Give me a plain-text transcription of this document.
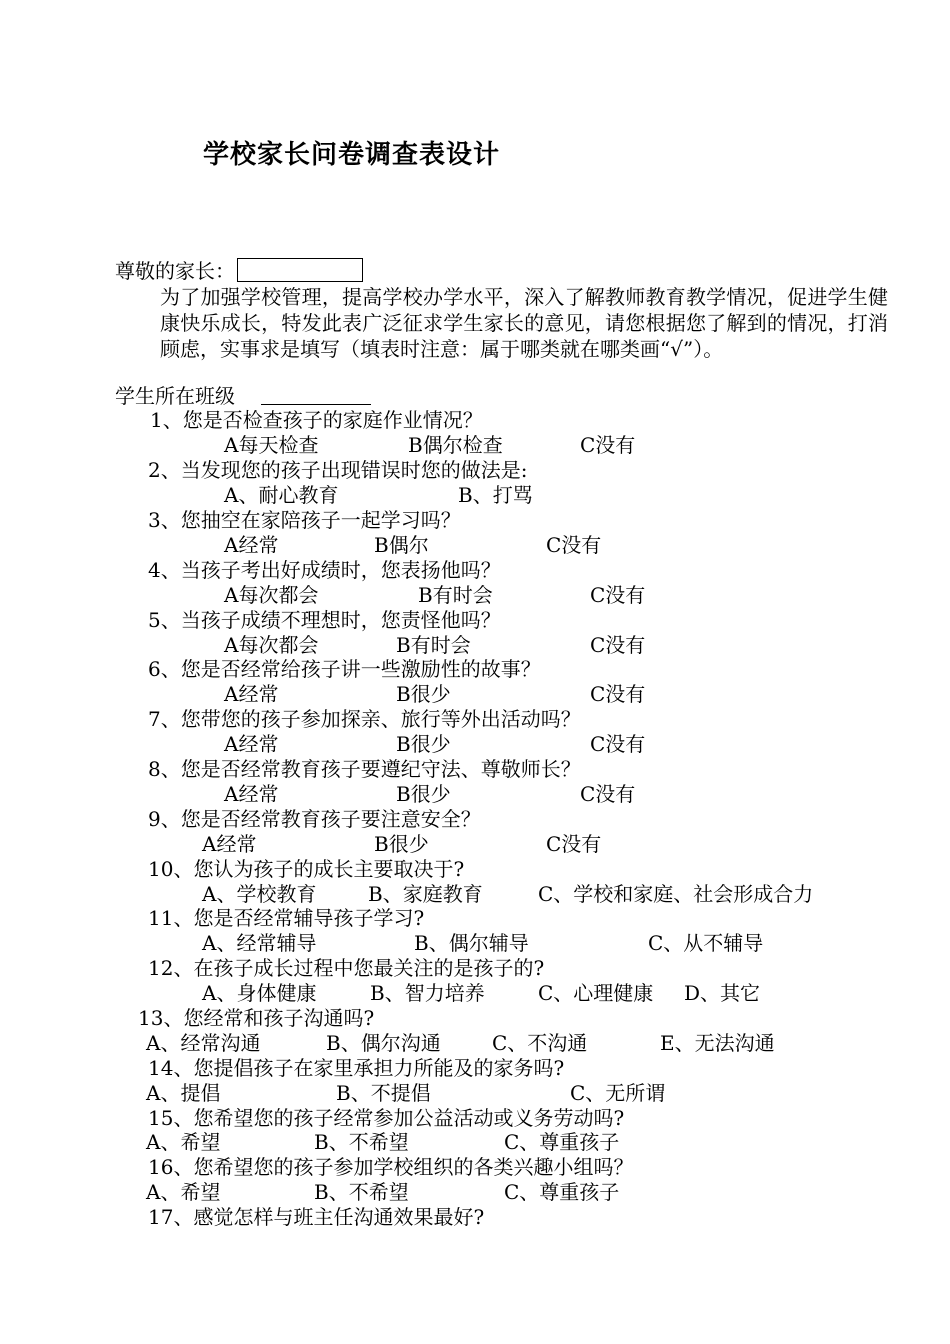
学校家长问卷调查表设计
尊敬的家长：
为了加强学校管理，提高学校办学水平，深入了解教师教育教学情况，促进学生健康快乐成长，特发此表广泛征求学生家长的意见，请您根据您了解到的情况，打消顾虑，实事求是填写（填表时注意：属于哪类就在哪类画“√”）。
学生所在班级
1、您是否检查孩子的家庭作业情况？
A每天检查	B偶尔检查	C没有
2、当发现您的孩子出现错误时您的做法是:
A、耐心教育	B、打骂
3、您抽空在家陪孩子一起学习吗？
A经常	B偶尔	C没有
4、当孩子考出好成绩时，您表扬他吗？
A每次都会	B有时会	C没有
5、当孩子成绩不理想时，您责怪他吗？
A每次都会	B有时会	C没有
6、您是否经常给孩子讲一些激励性的故事？
A经常	B很少	C没有
7、您带您的孩子参加探亲、旅行等外出活动吗？
A经常	B很少	C没有
8、您是否经常教育孩子要遵纪守法、尊敬师长？
A经常	B很少	C没有
9、您是否经常教育孩子要注意安全？
A经常	B很少	C没有
10、您认为孩子的成长主要取决于?
A、学校教育	B、家庭教育	C、学校和家庭、社会形成合力
11、您是否经常辅导孩子学习?
A、经常辅导	B、偶尔辅导	C、从不辅导
12、在孩子成长过程中您最关注的是孩子的?
A、身体健康	B、智力培养	C、心理健康 D、其它
13、您经常和孩子沟通吗?
A、经常沟通	B、偶尔沟通	C、不沟通	E、无法沟通
14、您提倡孩子在家里承担力所能及的家务吗?
A、提倡	B、不提倡	C、无所谓
15、您希望您的孩子经常参加公益活动或义务劳动吗?
A、希望	B、不希望	C、尊重孩子
16、您希望您的孩子参加学校组织的各类兴趣小组吗？
A、希望	B、不希望	C、尊重孩子
17、感觉怎样与班主任沟通效果最好?
